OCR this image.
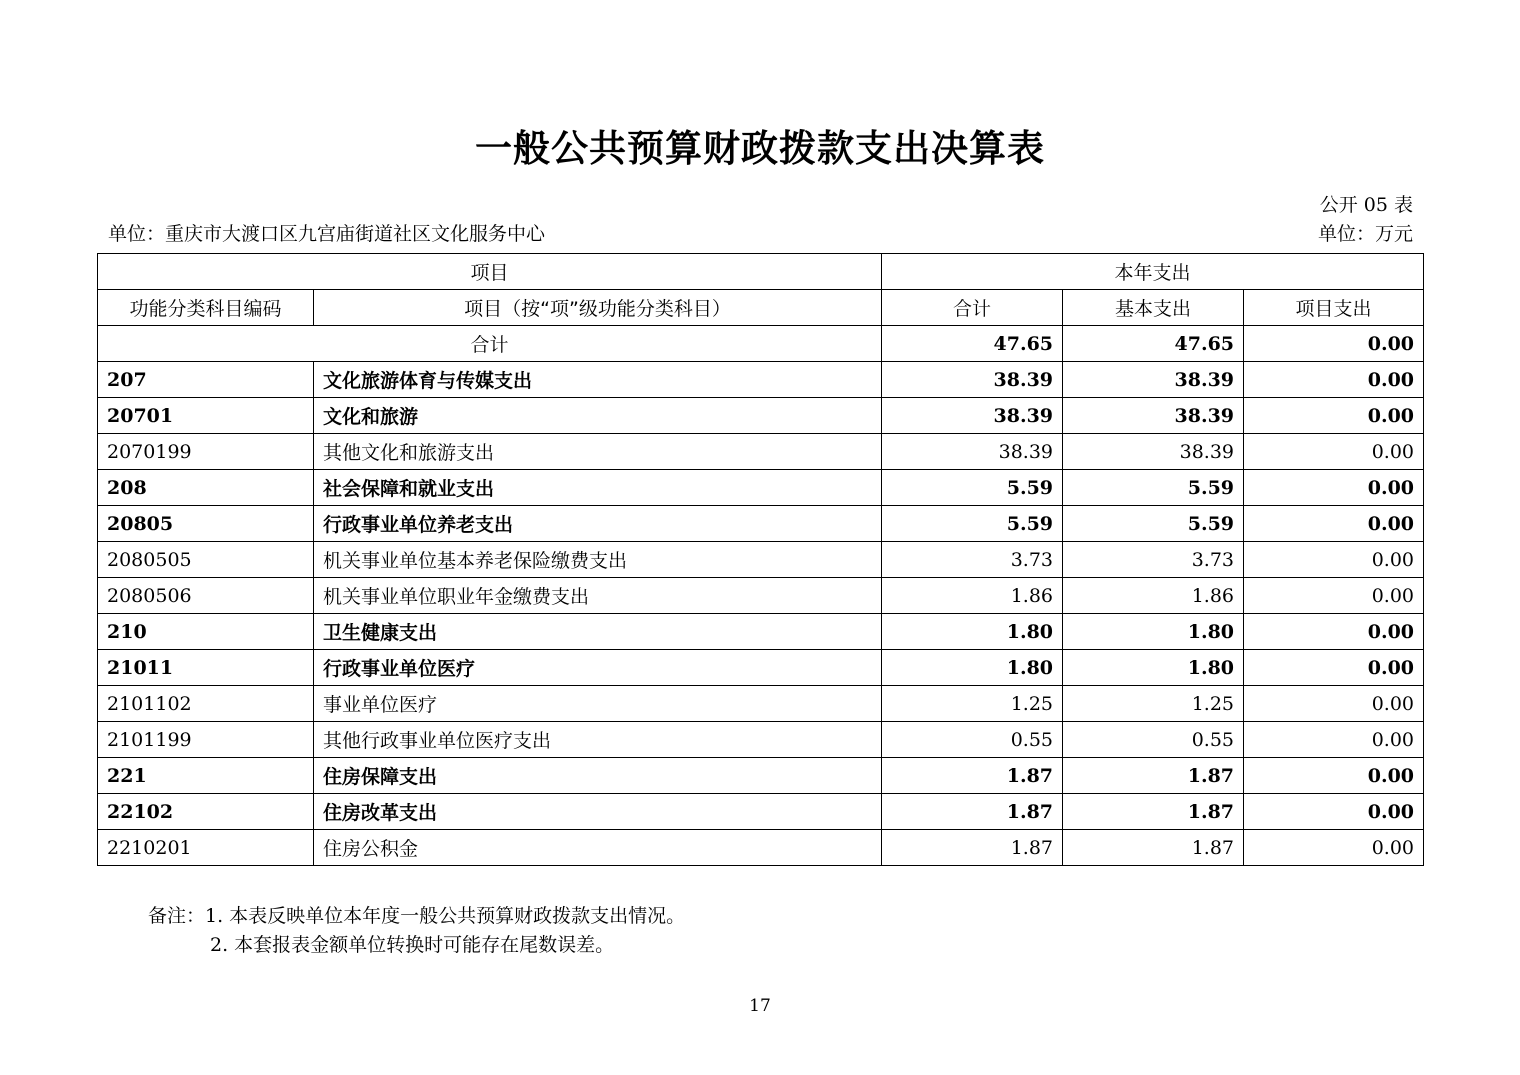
一般公共预算财政拨款支出决算表
公开 05 表
单位：重庆市大渡口区九宫庙街道社区文化服务中心	单位：万元
项目		本年支出		
功能分类科目编码	项目（按“项”级功能分类科目）	合计	基本支出	项目支出
合计		47.65	47.65	0.00
207	文化旅游体育与传媒支出	38.39	38.39	0.00
20701	文化和旅游	38.39	38.39	0.00
2070199	其他文化和旅游支出	38.39	38.39	0.00
208	社会保障和就业支出	5.59	5.59	0.00
20805	行政事业单位养老支出	5.59	5.59	0.00
2080505	机关事业单位基本养老保险缴费支出	3.73	3.73	0.00
2080506	机关事业单位职业年金缴费支出	1.86	1.86	0.00
210	卫生健康支出	1.80	1.80	0.00
21011	行政事业单位医疗	1.80	1.80	0.00
2101102	事业单位医疗	1.25	1.25	0.00
2101199	其他行政事业单位医疗支出	0.55	0.55	0.00
221	住房保障支出	1.87	1.87	0.00
22102	住房改革支出	1.87	1.87	0.00
2210201	住房公积金	1.87	1.87	0.00
备注：1. 本表反映单位本年度一般公共预算财政拨款支出情况。
2. 本套报表金额单位转换时可能存在尾数误差。
17
